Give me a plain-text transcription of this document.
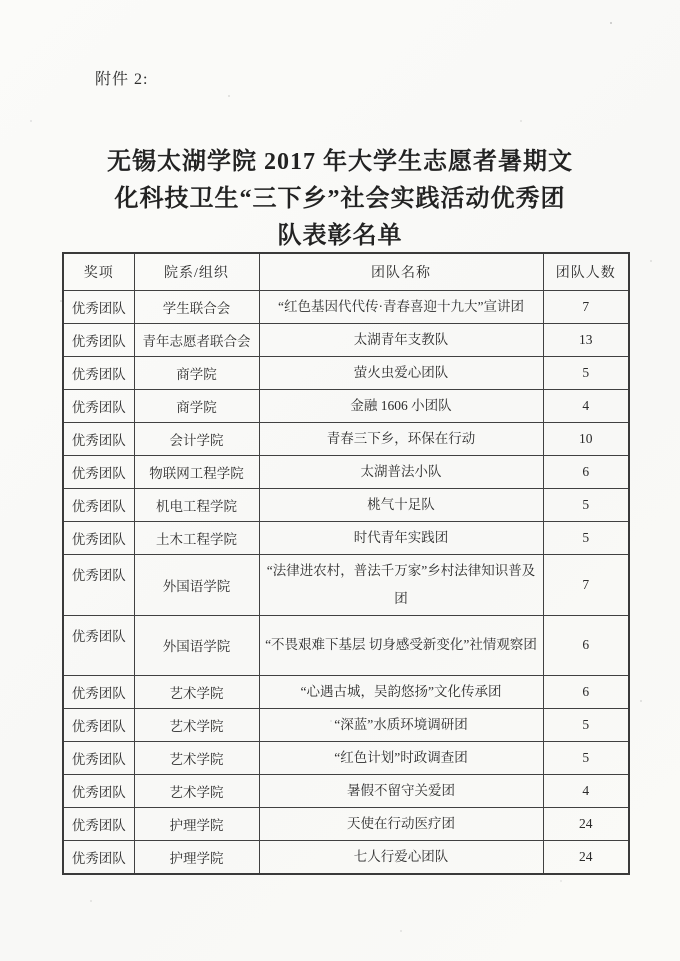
附件 2:
无锡太湖学院 2017 年大学生志愿者暑期文
化科技卫生“三下乡”社会实践活动优秀团
队表彰名单
奖项	院系/组织	团队名称	团队人数
优秀团队	学生联合会	“红色基因代代传·青春喜迎十九大”宣讲团	7
优秀团队	青年志愿者联合会	太湖青年支教队	13
优秀团队	商学院	萤火虫爱心团队	5
优秀团队	商学院	金融 1606 小团队	4
优秀团队	会计学院	青春三下乡，环保在行动	10
优秀团队	物联网工程学院	太湖普法小队	6
优秀团队	机电工程学院	桃气十足队	5
优秀团队	土木工程学院	时代青年实践团	5
优秀团队	外国语学院	“法律进农村，普法千万家”乡村法律知识普及团	7
优秀团队	外国语学院	“不畏艰难下基层 切身感受新变化”社情观察团	6
优秀团队	艺术学院	“心遇古城，吴韵悠扬”文化传承团	6
优秀团队	艺术学院	“深蓝”水质环境调研团	5
优秀团队	艺术学院	“红色计划”时政调查团	5
优秀团队	艺术学院	暑假不留守关爱团	4
优秀团队	护理学院	天使在行动医疗团	24
优秀团队	护理学院	七人行爱心团队	24
